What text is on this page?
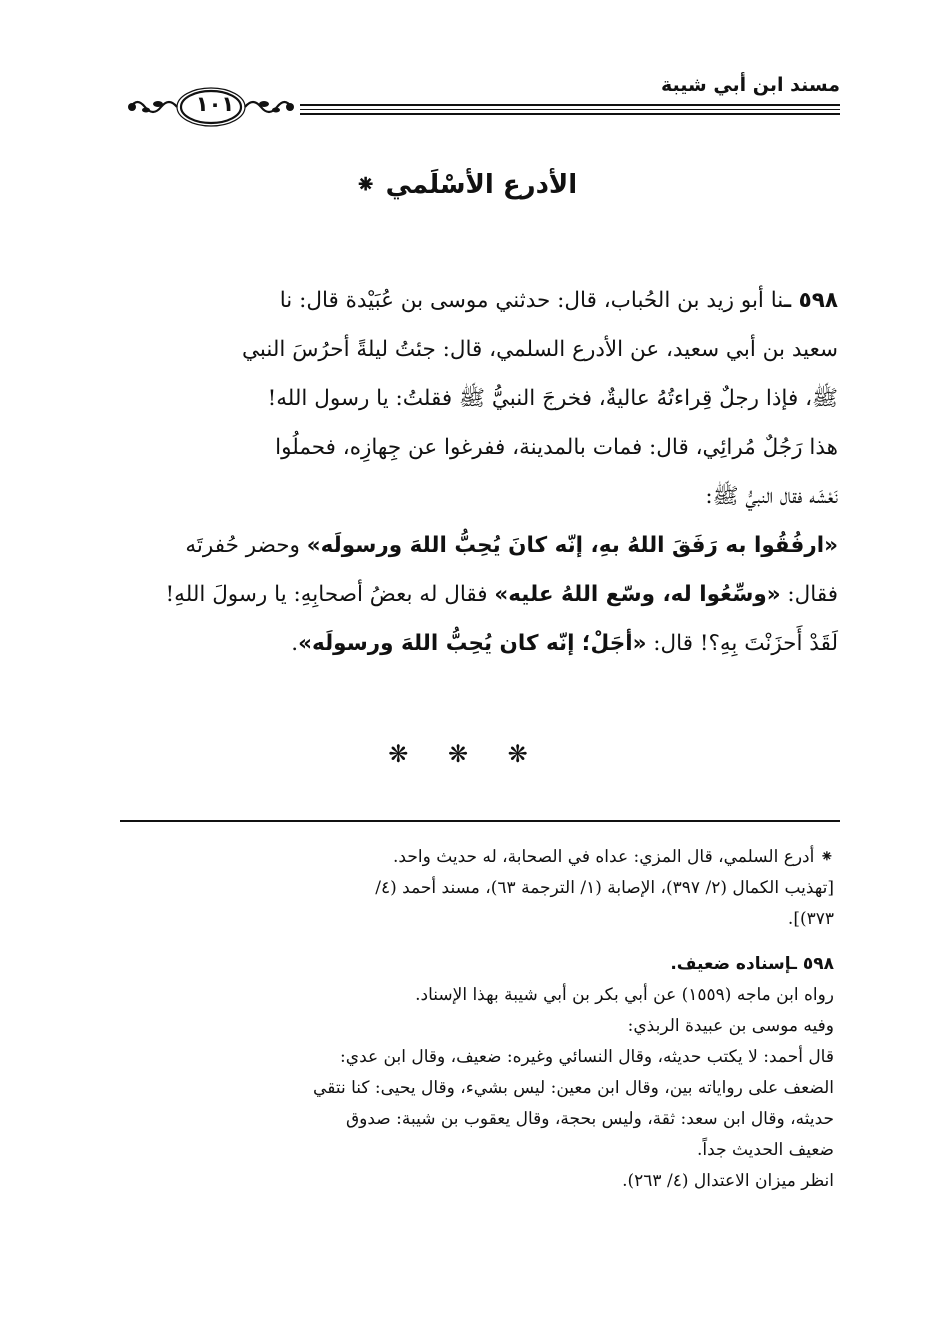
مسند ابن أبي شيبة
١٠١
الأدرع الأسْلَمي ⁕

٥٩٨ ـنا أبو زيد بن الحُباب، قال: حدثني موسى بن عُبَيْدة قال: نا

سعيد بن أبي سعيد، عن الأدرع السلمي، قال: جئتُ ليلةً أحرُسَ النبي

ﷺ، فإذا رجلٌ قِراءتُهُ عاليةٌ، فخرجَ النبيُّ ﷺ فقلتُ: يا رسول الله!

هذا رَجُلٌ مُرائِي، قال: فمات بالمدينة، ففرغوا عن جِهازِه، فحملُوا

نَعْشَه فقال النبيُّ ﷺ:

«ارفُقُوا به رَفَقَ اللهُ بهِ، إنّه كانَ يُحِبُّ اللهَ ورسولَه» وحضر حُفرتَه

فقال: «وسِّعُوا له، وسّع اللهُ عليه» فقال له بعضُ أصحابِهِ: يا رسولَ اللهِ!

لَقَدْ أَحزَنْتَ بِهِ؟! قال: «أجَلْ؛ إنّه كان يُحِبُّ اللهَ ورسولَه».

❋ ❋ ❋

⁕ أدرع السلمي، قال المزي: عداه في الصحابة، له حديث واحد.

[تهذيب الكمال (٢/ ٣٩٧)، الإصابة (١/ الترجمة ٦٣)، مسند أحمد (٤/

٣٧٣)].

٥٩٨ ـإسناده ضعيف.

رواه ابن ماجه (١٥٥٩) عن أبي بكر بن أبي شيبة بهذا الإسناد.

وفيه موسى بن عبيدة الربذي:

قال أحمد: لا يكتب حديثه، وقال النسائي وغيره: ضعيف، وقال ابن عدي:

الضعف على رواياته بين، وقال ابن معين: ليس بشيء، وقال يحيى: كنا نتقي

حديثه، وقال ابن سعد: ثقة، وليس بحجة، وقال يعقوب بن شيبة: صدوق

ضعيف الحديث جداً.

انظر ميزان الاعتدال (٤/ ٢٦٣).
